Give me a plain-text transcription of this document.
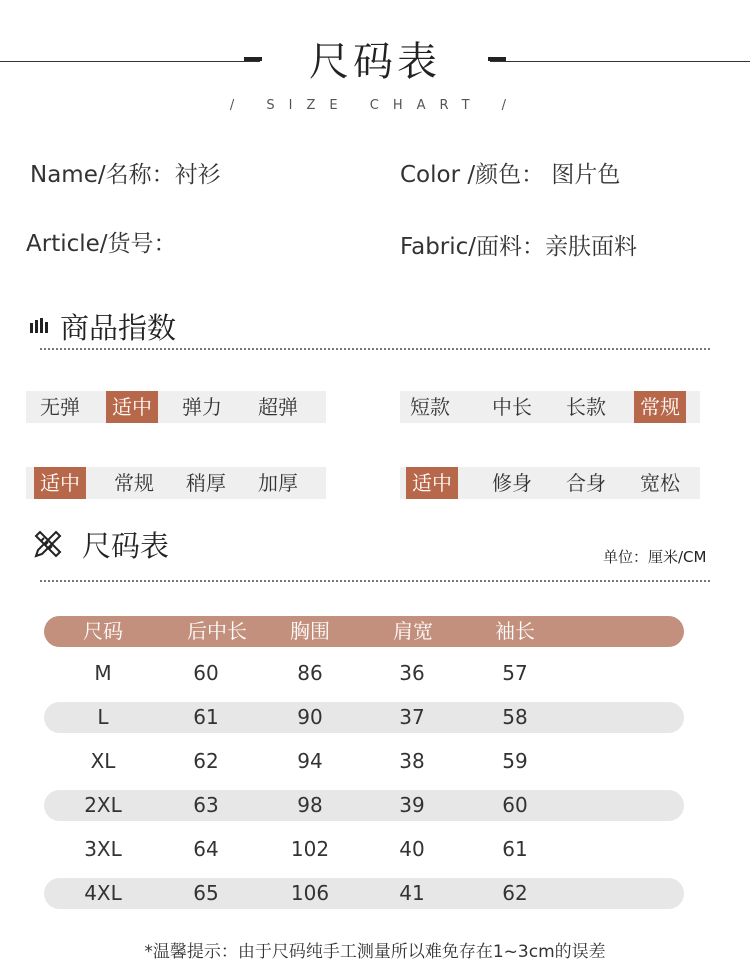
尺码表
/ SIZE CHART /
Name/名称：衬衫	Color /颜色： 图片色
Article/货号：	Fabric/面料：亲肤面料
商品指数
无弹	适中	弹力	超弹	短款	中长	长款	常规
适中	常规	稍厚	加厚	适中	修身	合身	宽松
尺码表	单位：厘米/CM
尺码	后中长	胸围	肩宽	袖长
M	60	86	36	57
L	61	90	37	58
XL	62	94	38	59
2XL	63	98	39	60
3XL	64	102	40	61
4XL	65	106	41	62
*温馨提示：由于尺码纯手工测量所以难免存在1~3cm的误差
